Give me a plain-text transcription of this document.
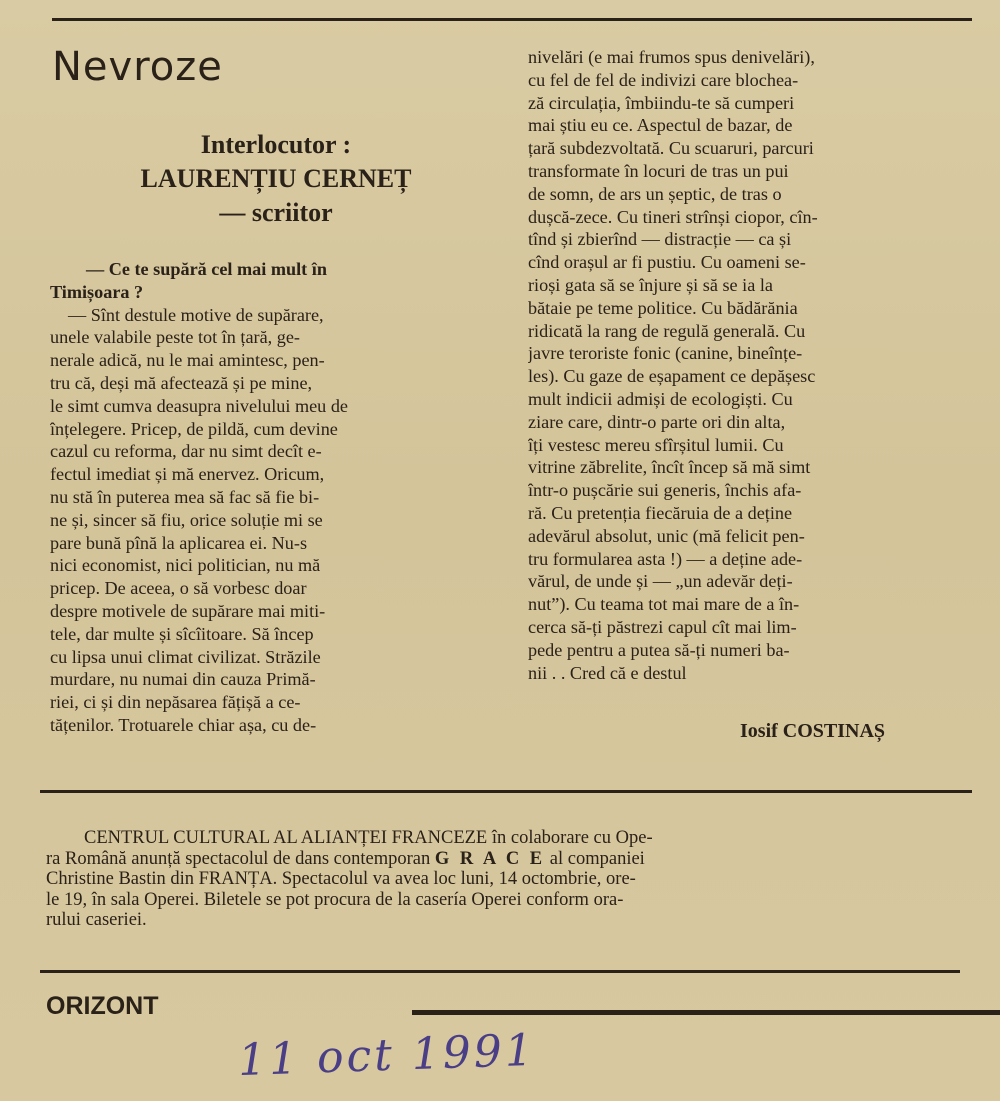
Nevroze
Interlocutor :
LAURENȚIU CERNEȚ
— scriitor
— Ce te supără cel mai mult în
Timișoara ?
— Sînt destule motive de supărare,
unele valabile peste tot în țară, ge-
nerale adică, nu le mai amintesc, pen-
tru că, deși mă afectează și pe mine,
le simt cumva deasupra nivelului meu de
înțelegere. Pricep, de pildă, cum devine
cazul cu reforma, dar nu simt decît e-
fectul imediat și mă enervez. Oricum,
nu stă în puterea mea să fac să fie bi-
ne și, sincer să fiu, orice soluție mi se
pare bună pînă la aplicarea ei. Nu-s
nici economist, nici politician, nu mă
pricep. De aceea, o să vorbesc doar
despre motivele de supărare mai miti-
tele, dar multe și sîcîitoare. Să încep
cu lipsa unui climat civilizat. Străzile
murdare, nu numai din cauza Primă-
riei, ci și din nepăsarea fățișă a ce-
tățenilor. Trotuarele chiar așa, cu de-
nivelări (e mai frumos spus denivelări),
cu fel de fel de indivizi care blochea-
ză circulația, îmbiindu-te să cumperi
mai știu eu ce. Aspectul de bazar, de
țară subdezvoltată. Cu scuaruri, parcuri
transformate în locuri de tras un pui
de somn, de ars un șeptic, de tras o
dușcă-zece. Cu tineri strînși ciopor, cîn-
tînd și zbierînd — distracție — ca și
cînd orașul ar fi pustiu. Cu oameni se-
rioși gata să se înjure și să se ia la
bătaie pe teme politice. Cu bădărănia
ridicată la rang de regulă generală. Cu
javre teroriste fonic (canine, bineînțe-
les). Cu gaze de eșapament ce depășesc
mult indicii admiși de ecologiști. Cu
ziare care, dintr-o parte ori din alta,
îți vestesc mereu sfîrșitul lumii. Cu
vitrine zăbrelite, încît încep să mă simt
într-o pușcărie sui generis, închis afa-
ră. Cu pretenția fiecăruia de a deține
adevărul absolut, unic (mă felicit pen-
tru formularea asta !) — a deține ade-
vărul, de unde și — „un adevăr deți-
nut”). Cu teama tot mai mare de a în-
cerca să-ți păstrezi capul cît mai lim-
pede pentru a putea să-ți numeri ba-
nii . . Cred că e destul
Iosif COSTINAȘ
CENTRUL CULTURAL AL ALIANȚEI FRANCEZE în colaborare cu Ope-
ra Română anunță spectacolul de dans contemporan G R A C E al companiei
Christine Bastin din FRANȚA. Spectacolul va avea loc luni, 14 octombrie, ore-
le 19, în sala Operei. Biletele se pot procura de la casería Operei conform ora-
rului caseriei.
ORIZONT
11 oct 1991
